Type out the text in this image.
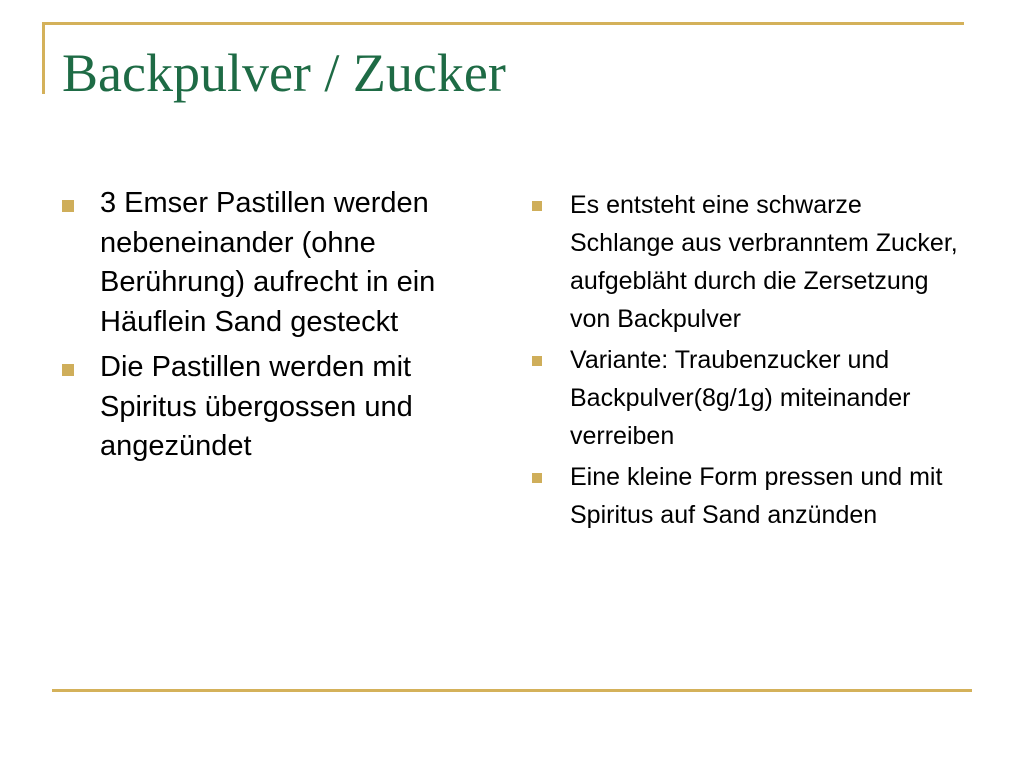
Backpulver / Zucker
3 Emser Pastillen werden nebeneinander (ohne Berührung) aufrecht in ein Häuflein Sand gesteckt
Die Pastillen werden mit Spiritus übergossen und angezündet
Es entsteht eine schwarze Schlange aus verbranntem Zucker, aufgebläht durch die Zersetzung von Backpulver
Variante: Traubenzucker und Backpulver(8g/1g) miteinander verreiben
Eine kleine Form pressen und mit Spiritus auf Sand anzünden
